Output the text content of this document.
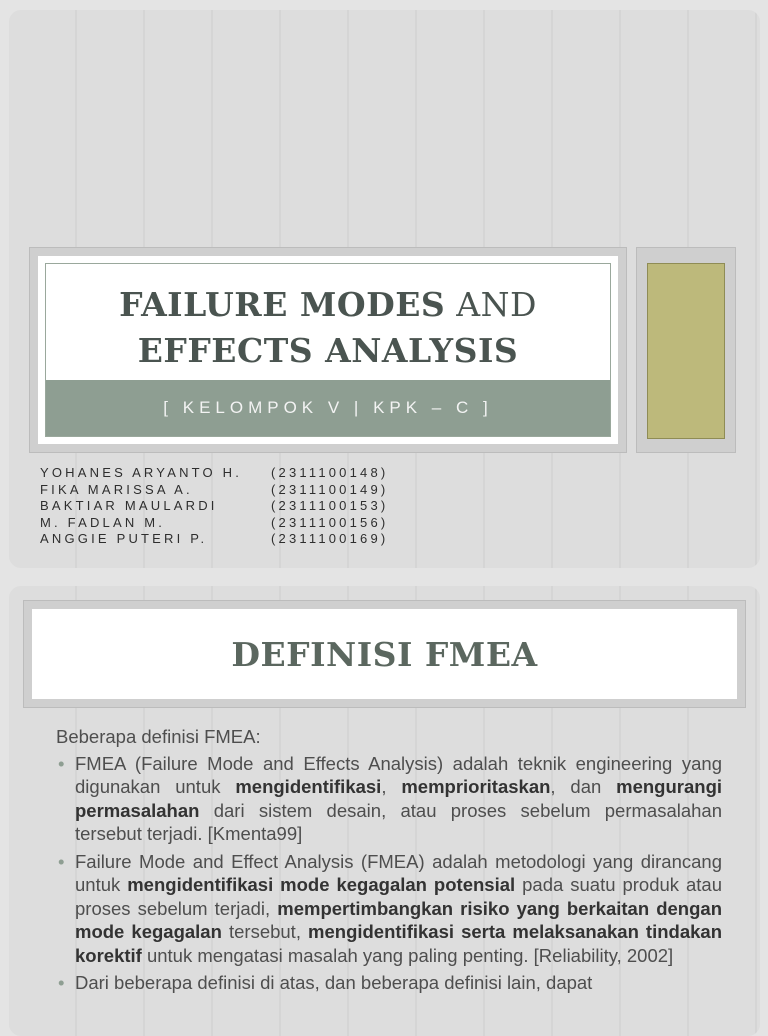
FAILURE MODES AND
EFFECTS ANALYSIS
[ KELOMPOK V | KPK – C ]
YOHANES ARYANTO H.	(2311100148)
FIKA MARISSA A.	(2311100149)
BAKTIAR MAULARDI	(2311100153)
M. FADLAN M.	(2311100156)
ANGGIE PUTERI P.	(2311100169)
DEFINISI FMEA
Beberapa definisi FMEA:
• FMEA (Failure Mode and Effects Analysis) adalah teknik engineering yang digunakan untuk mengidentifikasi, memprioritaskan, dan mengurangi permasalahan dari sistem desain, atau proses sebelum permasalahan tersebut terjadi. [Kmenta99]
• Failure Mode and Effect Analysis (FMEA) adalah metodologi yang dirancang untuk mengidentifikasi mode kegagalan potensial pada suatu produk atau proses sebelum terjadi, mempertimbangkan risiko yang berkaitan dengan mode kegagalan tersebut, mengidentifikasi serta melaksanakan tindakan korektif untuk mengatasi masalah yang paling penting. [Reliability, 2002]
• Dari beberapa definisi di atas, dan beberapa definisi lain, dapat
